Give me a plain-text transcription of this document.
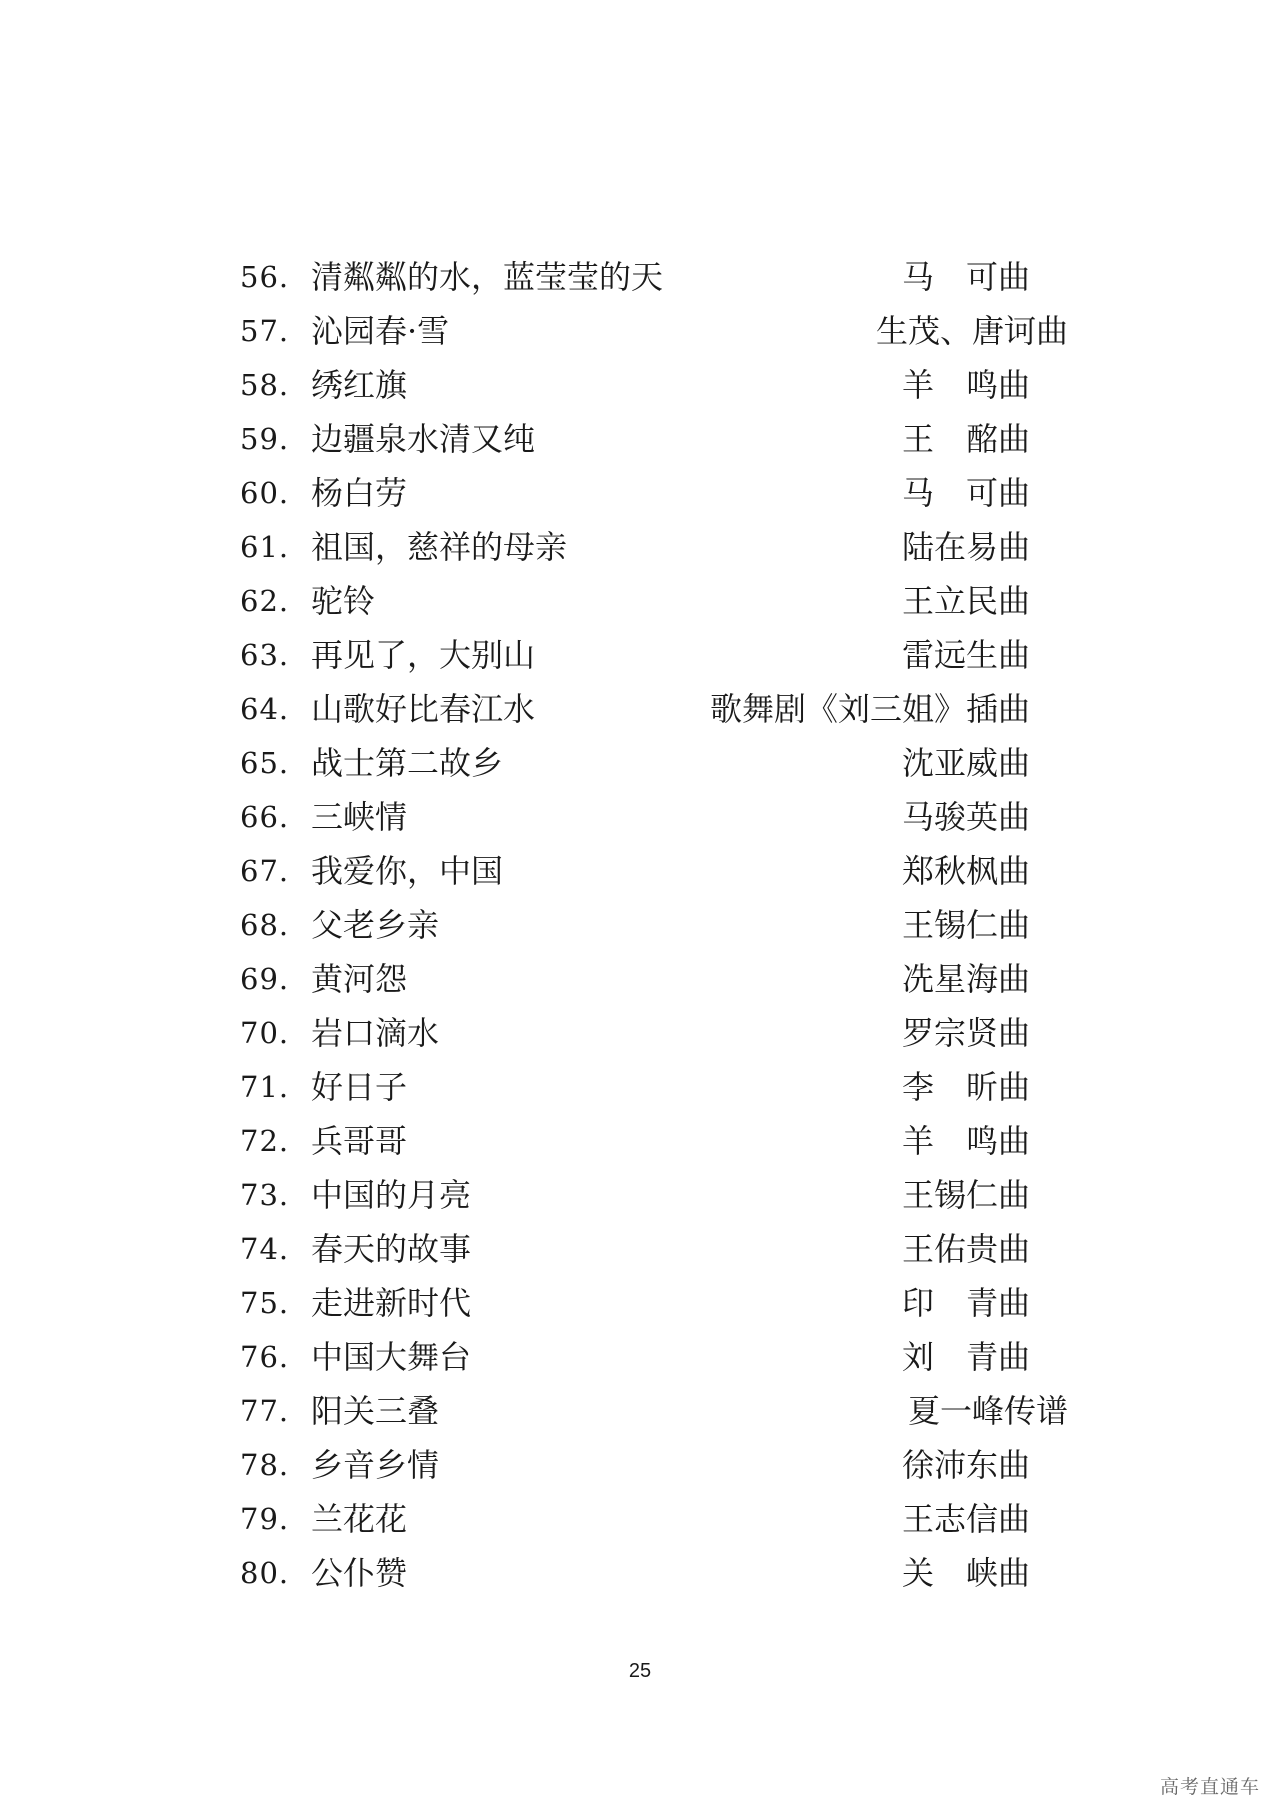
56. 清粼粼的水，蓝莹莹的天	马　可曲
57. 沁园春·雪	生茂、唐诃曲
58. 绣红旗	羊　鸣曲
59. 边疆泉水清又纯	王　酩曲
60. 杨白劳	马　可曲
61. 祖国，慈祥的母亲	陆在易曲
62. 驼铃	王立民曲
63. 再见了，大别山	雷远生曲
64. 山歌好比春江水	歌舞剧《刘三姐》插曲
65. 战士第二故乡	沈亚威曲
66. 三峡情	马骏英曲
67. 我爱你，中国	郑秋枫曲
68. 父老乡亲	王锡仁曲
69. 黄河怨	冼星海曲
70. 岩口滴水	罗宗贤曲
71. 好日子	李　昕曲
72. 兵哥哥	羊　鸣曲
73. 中国的月亮	王锡仁曲
74. 春天的故事	王佑贵曲
75. 走进新时代	印　青曲
76. 中国大舞台	刘　青曲
77. 阳关三叠	夏一峰传谱
78. 乡音乡情	徐沛东曲
79. 兰花花	王志信曲
80. 公仆赞	关　峡曲
25
高考直通车
